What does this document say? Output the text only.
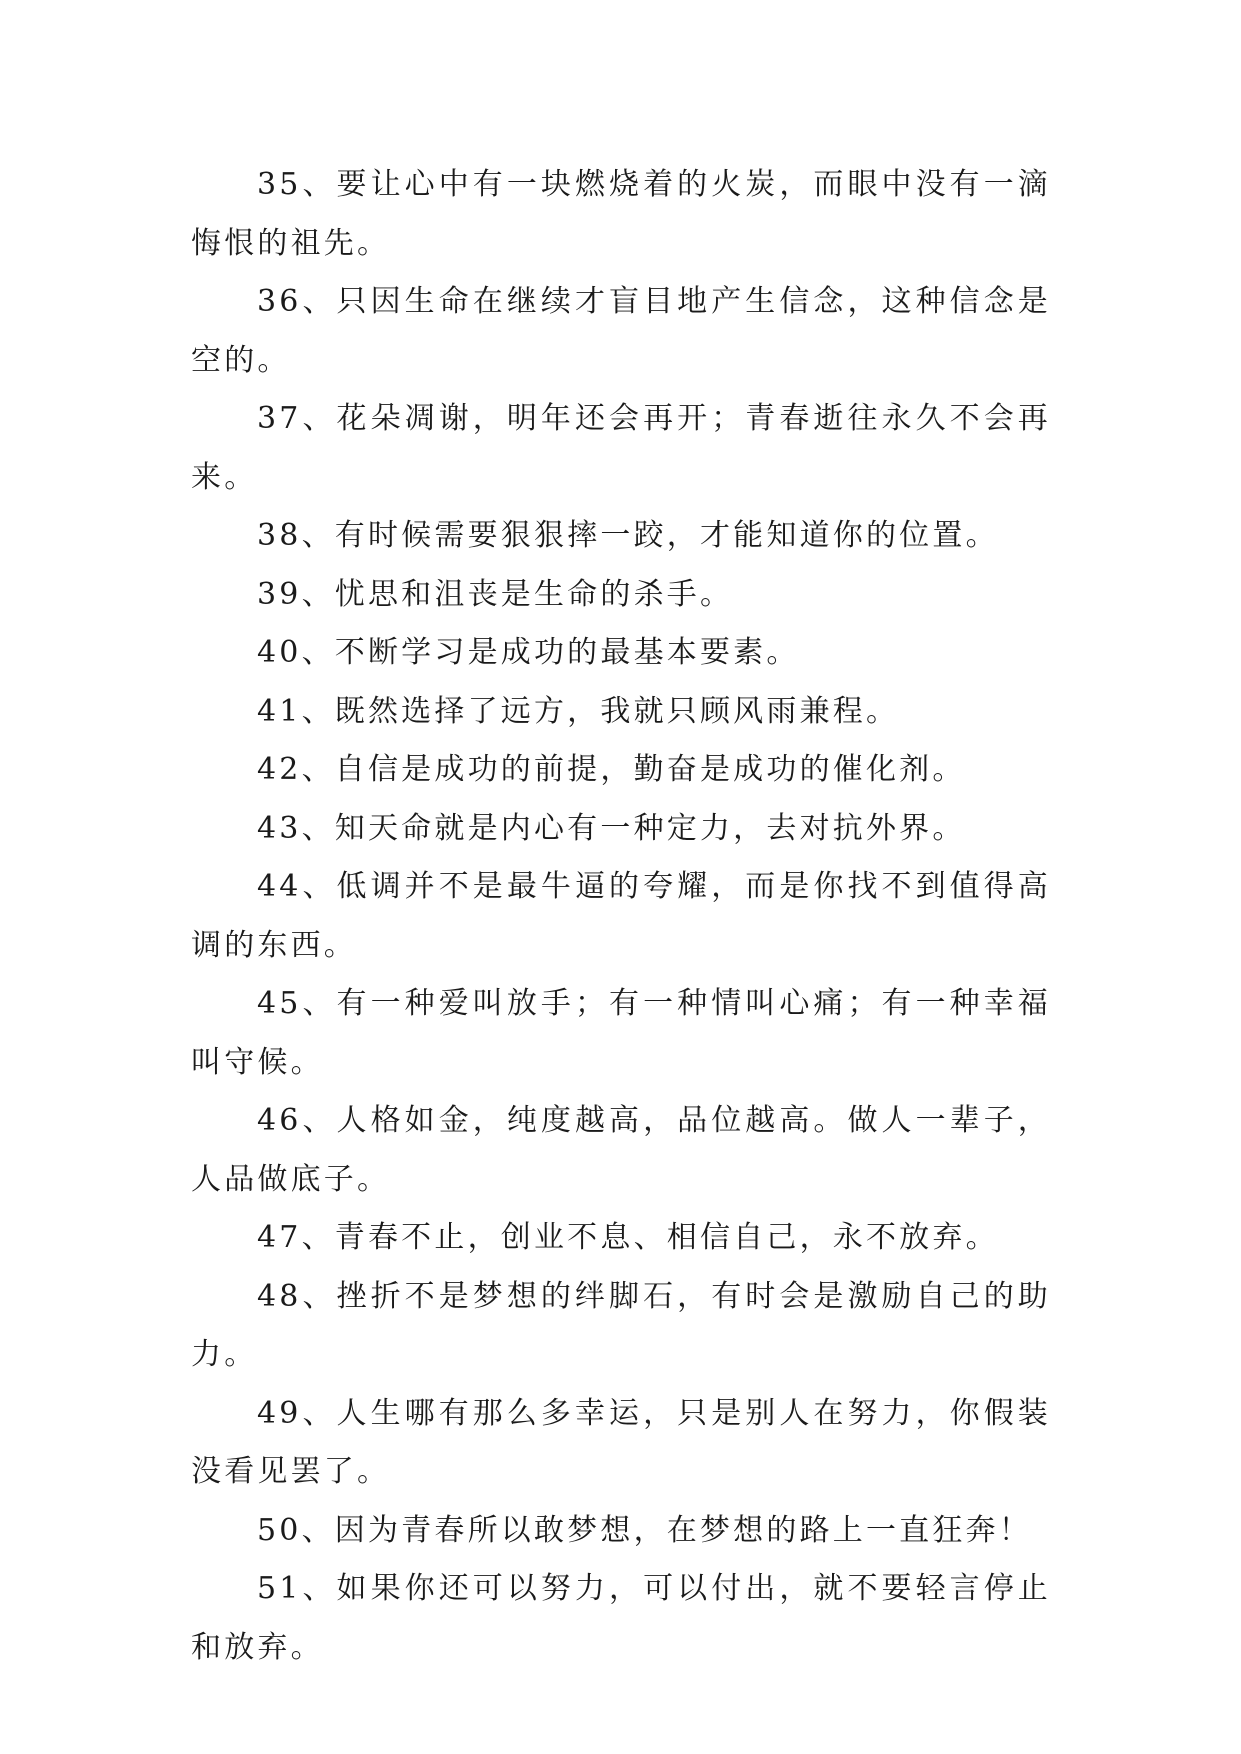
35、要让心中有一块燃烧着的火炭，而眼中没有一滴悔恨的祖先。

36、只因生命在继续才盲目地产生信念，这种信念是空的。

37、花朵凋谢，明年还会再开；青春逝往永久不会再来。

38、有时候需要狠狠摔一跤，才能知道你的位置。

39、忧思和沮丧是生命的杀手。

40、不断学习是成功的最基本要素。

41、既然选择了远方，我就只顾风雨兼程。

42、自信是成功的前提，勤奋是成功的催化剂。

43、知天命就是内心有一种定力，去对抗外界。

44、低调并不是最牛逼的夸耀，而是你找不到值得高调的东西。

45、有一种爱叫放手；有一种情叫心痛；有一种幸福叫守候。

46、人格如金，纯度越高，品位越高。做人一辈子，人品做底子。

47、青春不止，创业不息、相信自己，永不放弃。

48、挫折不是梦想的绊脚石，有时会是激励自己的助力。

49、人生哪有那么多幸运，只是别人在努力，你假装没看见罢了。

50、因为青春所以敢梦想，在梦想的路上一直狂奔！

51、如果你还可以努力，可以付出，就不要轻言停止和放弃。
